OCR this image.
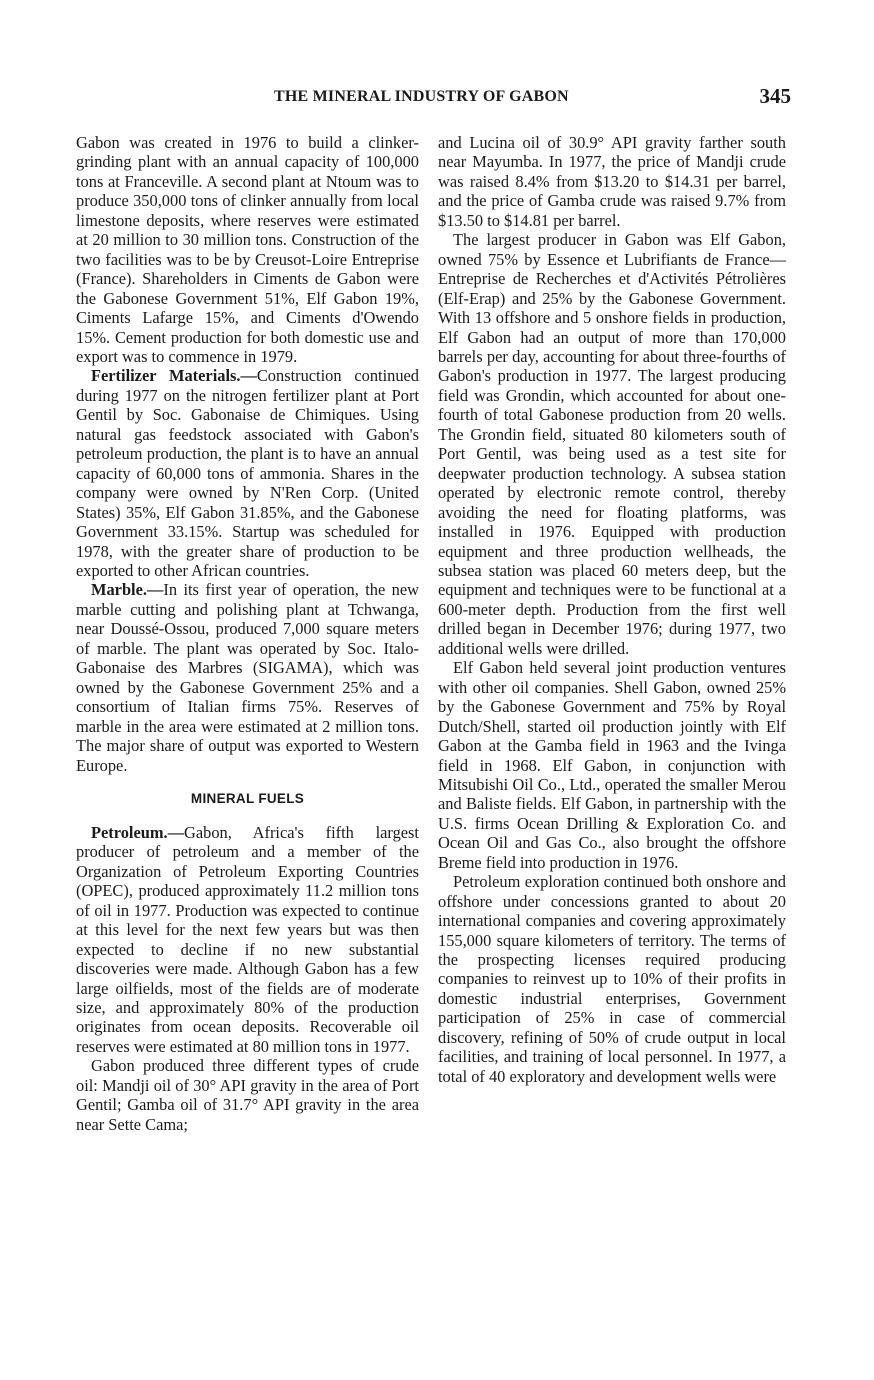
THE MINERAL INDUSTRY OF GABON	345

Gabon was created in 1976 to build a clinker-grinding plant with an annual capacity of 100,000 tons at Franceville. A second plant at Ntoum was to produce 350,000 tons of clinker annually from local limestone deposits, where reserves were estimated at 20 million to 30 million tons. Construction of the two facilities was to be by Creusot-Loire Entreprise (France). Shareholders in Ciments de Gabon were the Gabonese Government 51%, Elf Gabon 19%, Ciments Lafarge 15%, and Ciments d'Owendo 15%. Cement production for both domestic use and export was to commence in 1979.

Fertilizer Materials.—Construction continued during 1977 on the nitrogen fertilizer plant at Port Gentil by Soc. Gabonaise de Chimiques. Using natural gas feedstock associated with Gabon's petroleum production, the plant is to have an annual capacity of 60,000 tons of ammonia. Shares in the company were owned by N'Ren Corp. (United States) 35%, Elf Gabon 31.85%, and the Gabonese Government 33.15%. Startup was scheduled for 1978, with the greater share of production to be exported to other African countries.

Marble.—In its first year of operation, the new marble cutting and polishing plant at Tchwanga, near Doussé-Ossou, produced 7,000 square meters of marble. The plant was operated by Soc. Italo-Gabonaise des Marbres (SIGAMA), which was owned by the Gabonese Government 25% and a consortium of Italian firms 75%. Reserves of marble in the area were estimated at 2 million tons. The major share of output was exported to Western Europe.

MINERAL FUELS

Petroleum.—Gabon, Africa's fifth largest producer of petroleum and a member of the Organization of Petroleum Exporting Countries (OPEC), produced approximately 11.2 million tons of oil in 1977. Production was expected to continue at this level for the next few years but was then expected to decline if no new substantial discoveries were made. Although Gabon has a few large oilfields, most of the fields are of moderate size, and approximately 80% of the production originates from ocean deposits. Recoverable oil reserves were estimated at 80 million tons in 1977.

Gabon produced three different types of crude oil: Mandji oil of 30° API gravity in the area of Port Gentil; Gamba oil of 31.7° API gravity in the area near Sette Cama;

and Lucina oil of 30.9° API gravity farther south near Mayumba. In 1977, the price of Mandji crude was raised 8.4% from $13.20 to $14.31 per barrel, and the price of Gamba crude was raised 9.7% from $13.50 to $14.81 per barrel.

The largest producer in Gabon was Elf Gabon, owned 75% by Essence et Lubrifiants de France—Entreprise de Recherches et d'Activités Pétrolières (Elf-Erap) and 25% by the Gabonese Government. With 13 offshore and 5 onshore fields in production, Elf Gabon had an output of more than 170,000 barrels per day, accounting for about three-fourths of Gabon's production in 1977. The largest producing field was Grondin, which accounted for about one-fourth of total Gabonese production from 20 wells. The Grondin field, situated 80 kilometers south of Port Gentil, was being used as a test site for deepwater production technology. A subsea station operated by electronic remote control, thereby avoiding the need for floating platforms, was installed in 1976. Equipped with production equipment and three production wellheads, the subsea station was placed 60 meters deep, but the equipment and techniques were to be functional at a 600-meter depth. Production from the first well drilled began in December 1976; during 1977, two additional wells were drilled.

Elf Gabon held several joint production ventures with other oil companies. Shell Gabon, owned 25% by the Gabonese Government and 75% by Royal Dutch/Shell, started oil production jointly with Elf Gabon at the Gamba field in 1963 and the Ivinga field in 1968. Elf Gabon, in conjunction with Mitsubishi Oil Co., Ltd., operated the smaller Merou and Baliste fields. Elf Gabon, in partnership with the U.S. firms Ocean Drilling & Exploration Co. and Ocean Oil and Gas Co., also brought the offshore Breme field into production in 1976.

Petroleum exploration continued both onshore and offshore under concessions granted to about 20 international companies and covering approximately 155,000 square kilometers of territory. The terms of the prospecting licenses required producing companies to reinvest up to 10% of their profits in domestic industrial enterprises, Government participation of 25% in case of commercial discovery, refining of 50% of crude output in local facilities, and training of local personnel. In 1977, a total of 40 exploratory and development wells were
